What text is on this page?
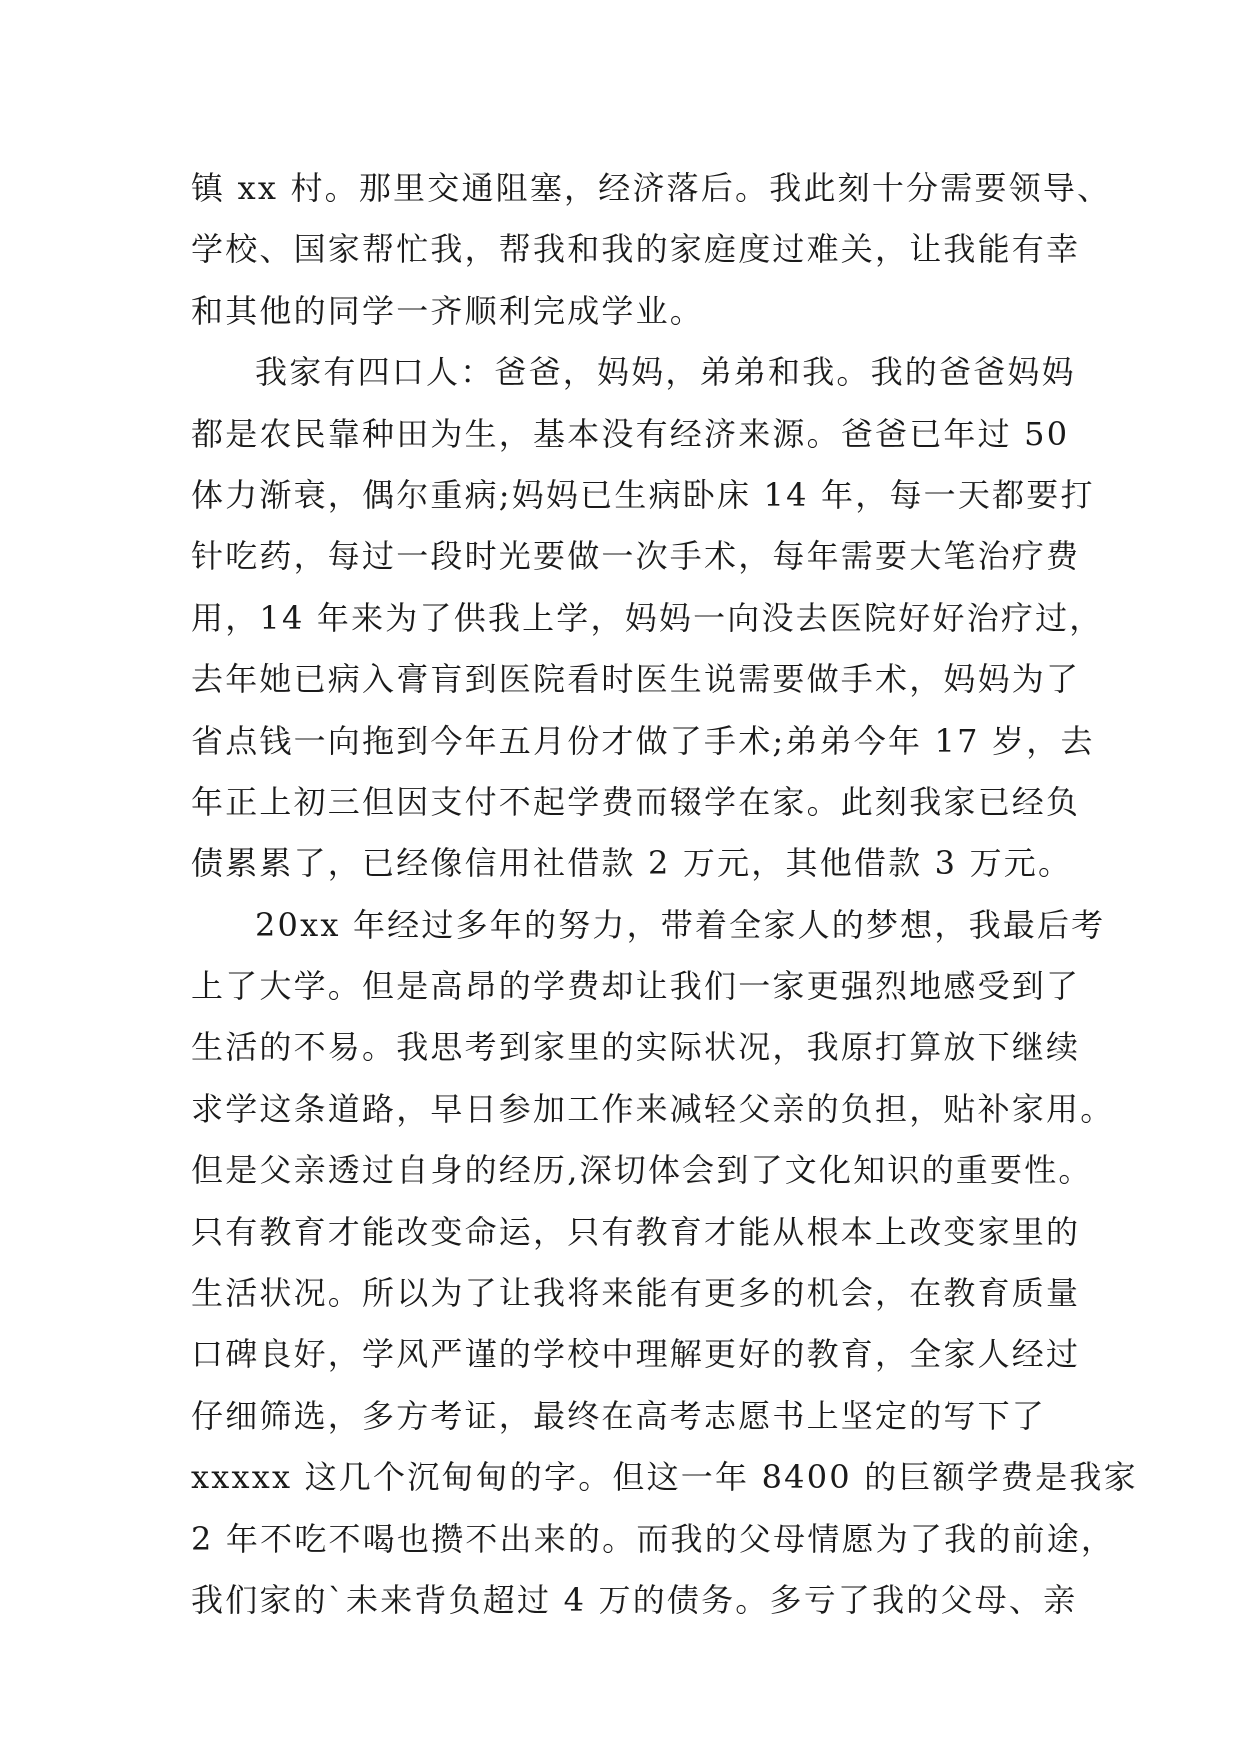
镇 xx 村。那里交通阻塞，经济落后。我此刻十分需要领导、
学校、国家帮忙我，帮我和我的家庭度过难关，让我能有幸
和其他的同学一齐顺利完成学业。
我家有四口人：爸爸，妈妈，弟弟和我。我的爸爸妈妈
都是农民靠种田为生，基本没有经济来源。爸爸已年过 50
体力渐衰，偶尔重病;妈妈已生病卧床 14 年，每一天都要打
针吃药，每过一段时光要做一次手术，每年需要大笔治疗费
用，14 年来为了供我上学，妈妈一向没去医院好好治疗过，
去年她已病入膏肓到医院看时医生说需要做手术，妈妈为了
省点钱一向拖到今年五月份才做了手术;弟弟今年 17 岁，去
年正上初三但因支付不起学费而辍学在家。此刻我家已经负
债累累了，已经像信用社借款 2 万元，其他借款 3 万元。
20xx 年经过多年的努力，带着全家人的梦想，我最后考
上了大学。但是高昂的学费却让我们一家更强烈地感受到了
生活的不易。我思考到家里的实际状况，我原打算放下继续
求学这条道路，早日参加工作来减轻父亲的负担，贴补家用。
但是父亲透过自身的经历,深切体会到了文化知识的重要性。
只有教育才能改变命运，只有教育才能从根本上改变家里的
生活状况。所以为了让我将来能有更多的机会，在教育质量
口碑良好，学风严谨的学校中理解更好的教育，全家人经过
仔细筛选，多方考证，最终在高考志愿书上坚定的写下了
xxxxx 这几个沉甸甸的字。但这一年 8400 的巨额学费是我家
2 年不吃不喝也攒不出来的。而我的父母情愿为了我的前途，
我们家的`未来背负超过 4 万的债务。多亏了我的父母、亲
